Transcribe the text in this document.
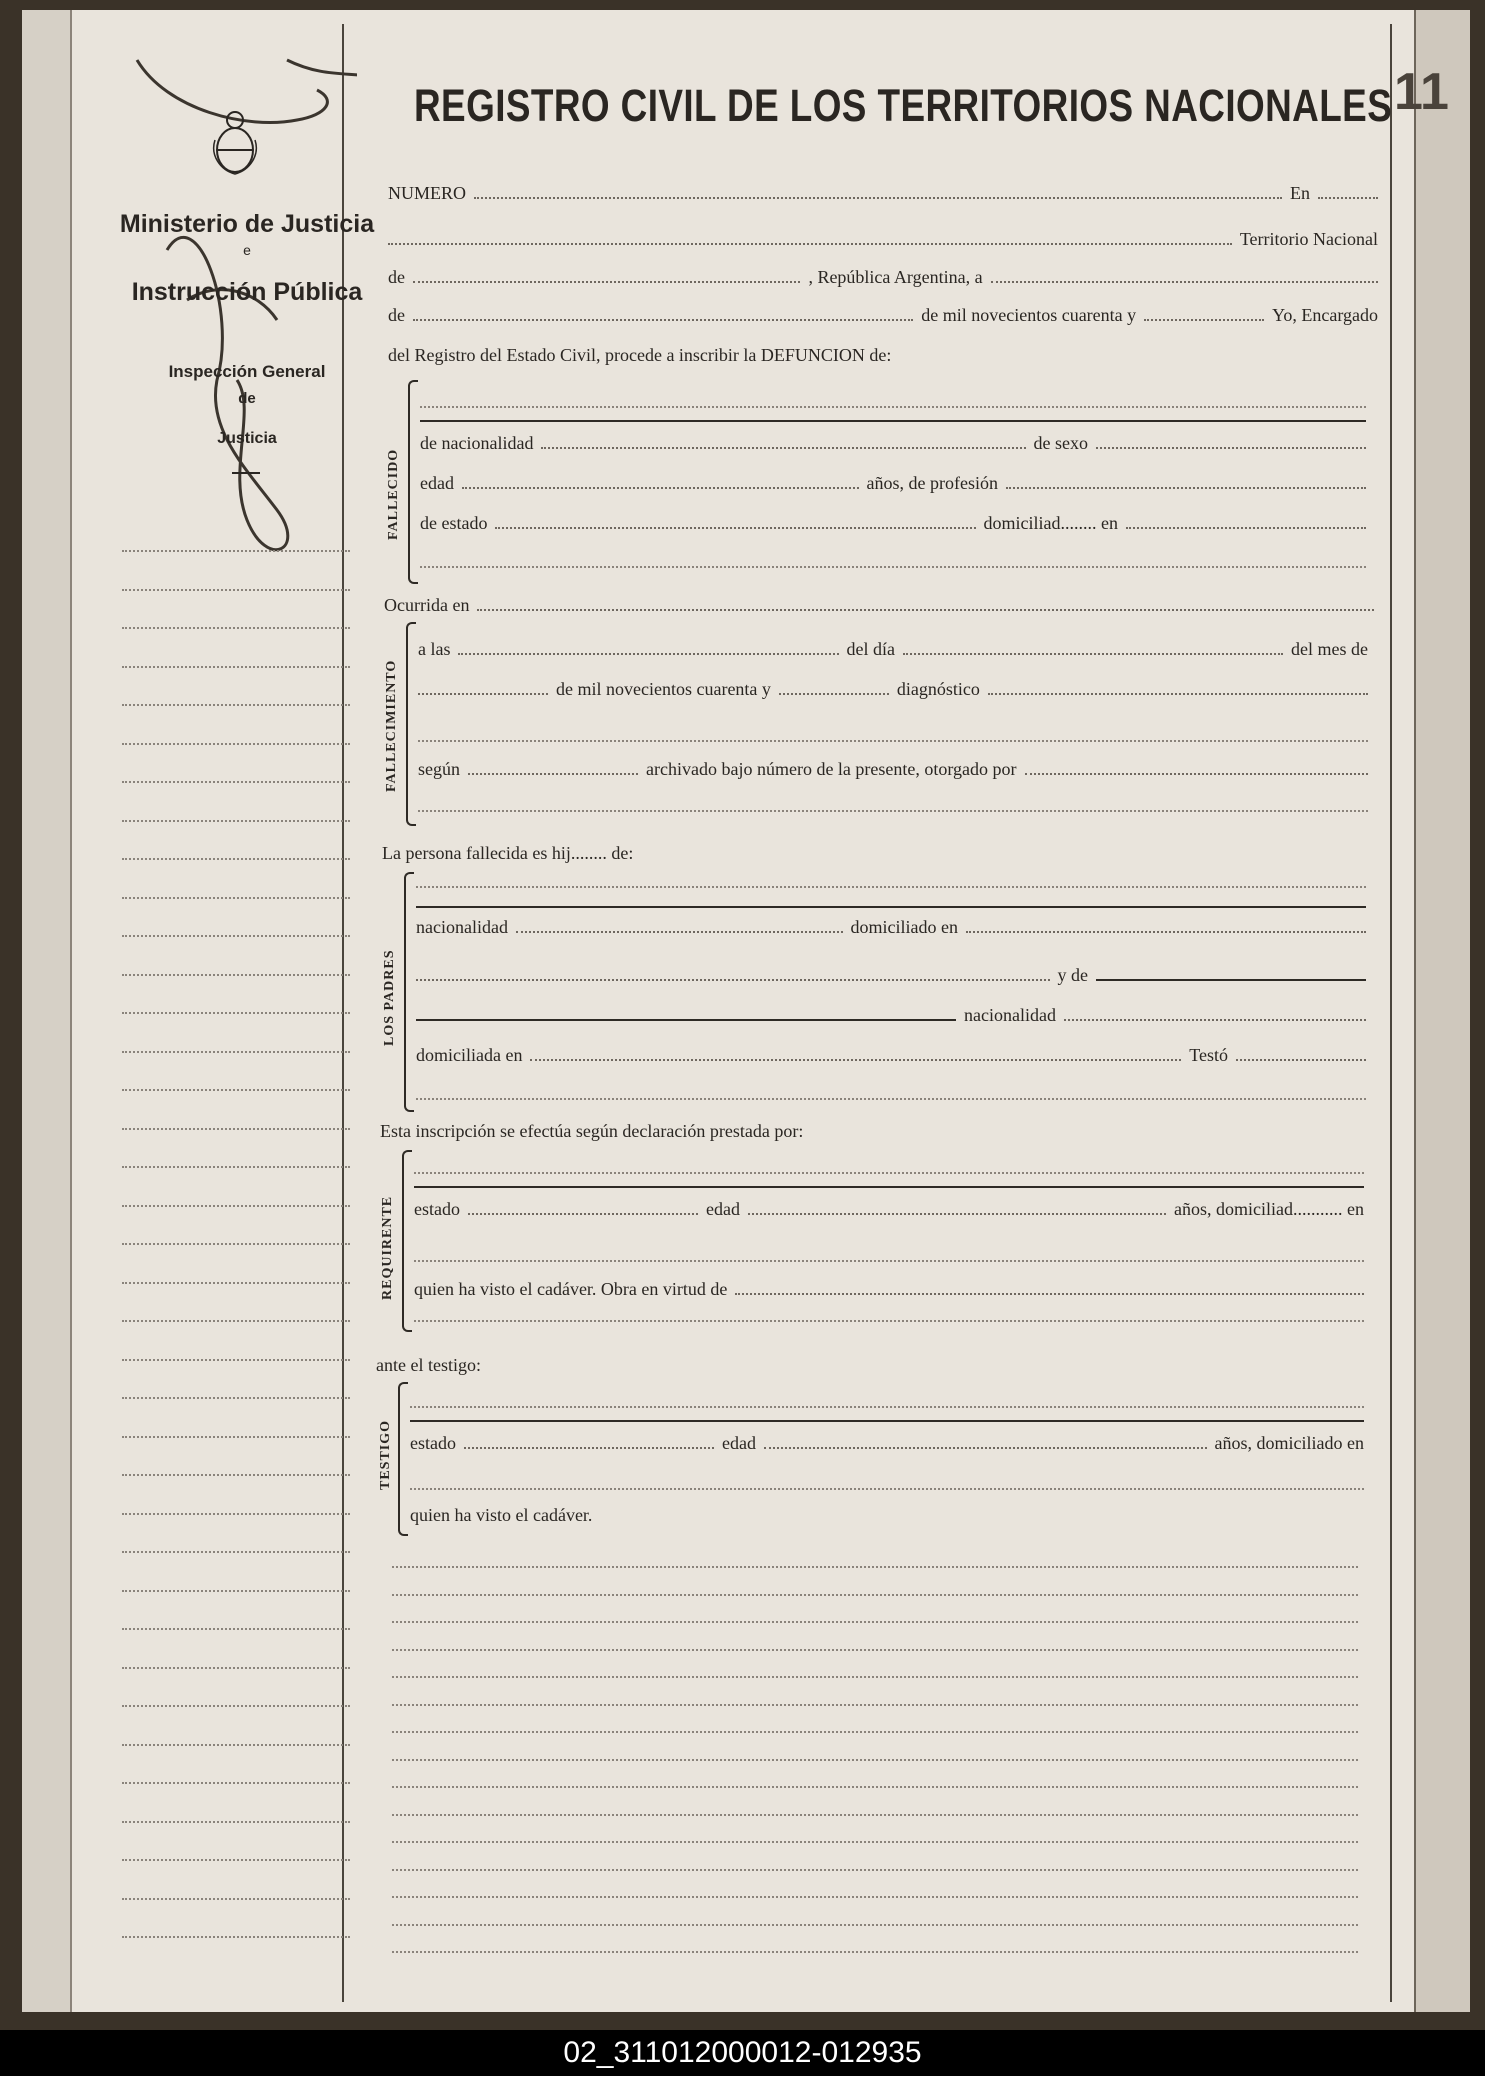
Ministerio de Justicia
e
Instrucción Pública
Inspección General
de
Justicia
REGISTRO CIVIL DE LOS TERRITORIOS NACIONALES 11
NUMERO	En
Territorio Nacional
de	, República Argentina, a
de	de mil novecientos cuarenta y	Yo, Encargado
del Registro del Estado Civil, procede a inscribir la DEFUNCION de:
FALLECIDO
de nacionalidad	de sexo
edad	años, de profesión
de estado	domiciliad........ en
Ocurrida en
FALLECIMIENTO
a las	del día	del mes de
de mil novecientos cuarenta y	diagnóstico
según	archivado bajo número de la presente, otorgado por
La persona fallecida es hij........ de:
LOS PADRES
nacionalidad	domiciliado en
y de
nacionalidad
domiciliada en	Testó
Esta inscripción se efectúa según declaración prestada por:
REQUIRENTE estado	edad	años, domiciliad........... en
quien ha visto el cadáver. Obra en virtud de
ante el testigo:
TESTIGO estado	edad	años, domiciliado en
quien ha visto el cadáver.
02_311012000012-012935
